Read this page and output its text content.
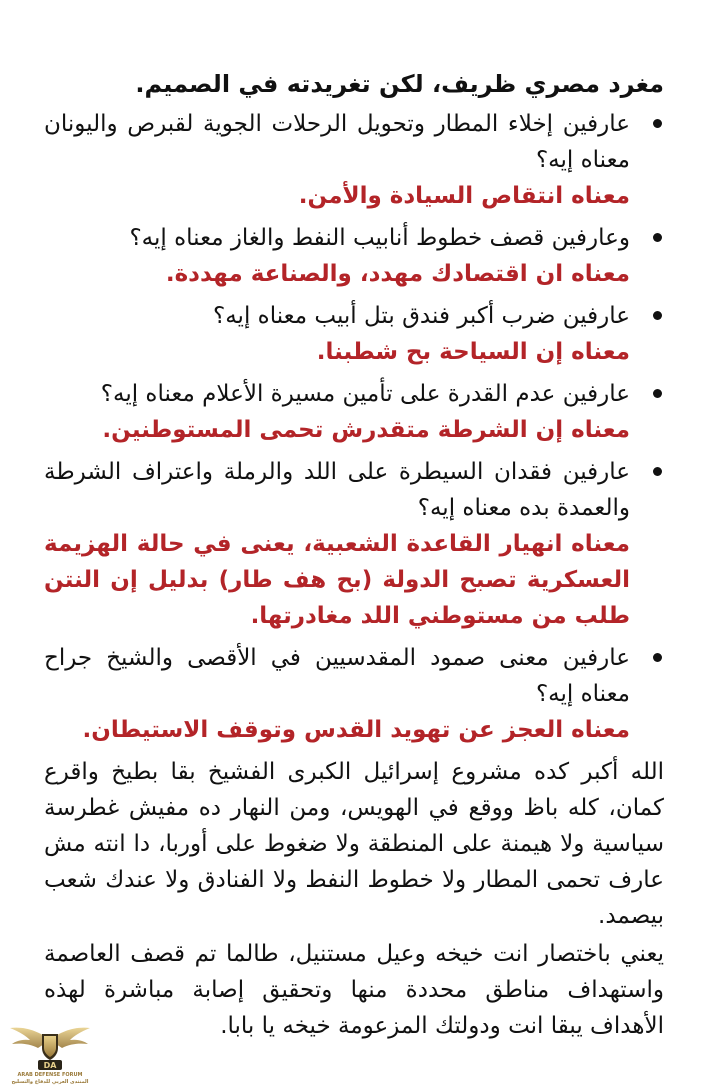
مغرد مصري ظريف، لكن تغريدته في الصميم.
عارفين إخلاء المطار وتحويل الرحلات الجوية لقبرص واليونان معناه إيه؟
معناه انتقاص السيادة والأمن.
وعارفين قصف خطوط أنابيب النفط والغاز معناه إيه؟
معناه ان اقتصادك مهدد، والصناعة مهددة.
عارفين ضرب أكبر فندق بتل أبيب معناه إيه؟
معناه إن السياحة بح شطبنا.
عارفين عدم القدرة على تأمين مسيرة الأعلام معناه إيه؟
معناه إن الشرطة متقدرش تحمى المستوطنين.
عارفين فقدان السيطرة على اللد والرملة واعتراف الشرطة والعمدة بده معناه إيه؟
معناه انهيار القاعدة الشعبية، يعنى في حالة الهزيمة العسكرية تصبح الدولة (بح هف طار) بدليل إن النتن طلب من مستوطني اللد مغادرتها.
عارفين معنى صمود المقدسيين في الأقصى والشيخ جراح معناه إيه؟
معناه العجز عن تهويد القدس وتوقف الاستيطان.
الله أكبر كده مشروع إسرائيل الكبرى الفشيخ بقا بطيخ واقرع كمان، كله باظ ووقع في الهويس، ومن النهار ده مفيش غطرسة سياسية ولا هيمنة على المنطقة ولا ضغوط على أوربا، دا انته مش عارف تحمى المطار ولا خطوط النفط ولا الفنادق ولا عندك شعب بيصمد.
يعني باختصار انت خيخه وعيل مستنيل، طالما تم قصف العاصمة واستهداف مناطق محددة منها وتحقيق إصابة مباشرة لهذه الأهداف يبقا انت ودولتك المزعومة خيخه يا بابا.
DA
ARAB DEFENSE FORUM
المنتدى العربي للدفاع والتسليح
